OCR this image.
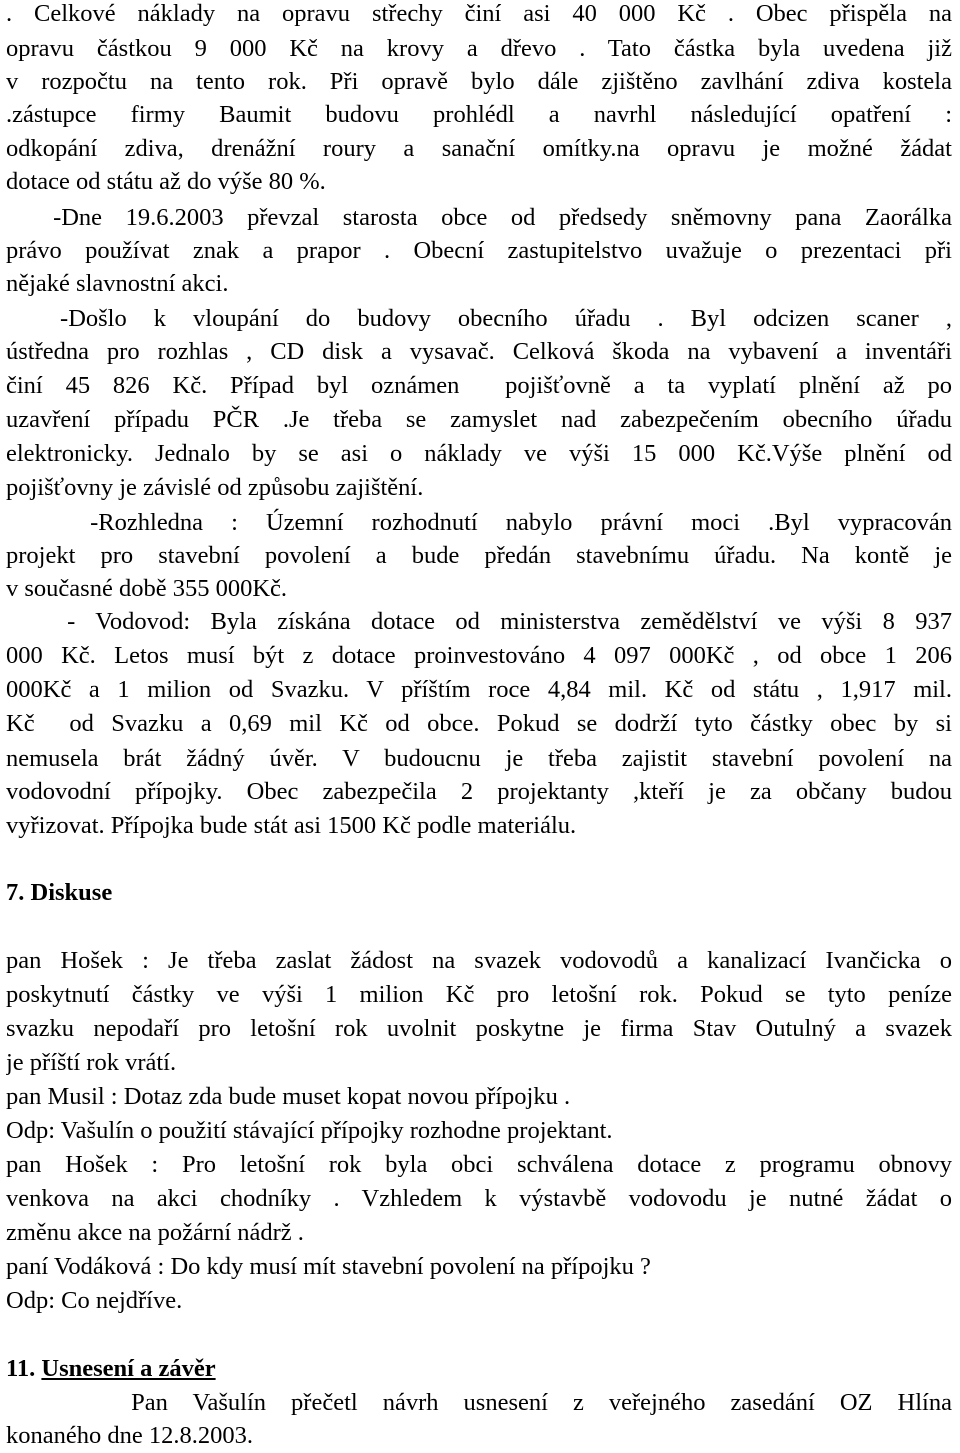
. Celkové náklady na opravu střechy činí asi 40 000 Kč . Obec přispěla na
opravu částkou 9 000 Kč na krovy a dřevo . Tato částka byla uvedena již
v rozpočtu na tento rok. Při opravě bylo dále zjištěno zavlhání zdiva kostela
.zástupce firmy Baumit budovu prohlédl a navrhl následující opatření :
odkopání zdiva, drenážní roury a sanační omítky.na opravu je možné žádat
dotace od státu až do výše 80 %.
-Dne 19.6.2003 převzal starosta obce od předsedy sněmovny pana Zaorálka
právo používat znak a prapor . Obecní zastupitelstvo uvažuje o prezentaci při
nějaké slavnostní akci.
-Došlo k vloupání do budovy obecního úřadu . Byl odcizen scaner ,
ústředna pro rozhlas , CD disk a vysavač. Celková škoda na vybavení a inventáři
činí 45 826 Kč. Případ byl oznámen  pojišťovně a ta vyplatí plnění až po
uzavření případu PČR .Je třeba se zamyslet nad zabezpečením obecního úřadu
elektronicky. Jednalo by se asi o náklady ve výši 15 000 Kč.Výše plnění od
pojišťovny je závislé od způsobu zajištění.
-Rozhledna : Územní rozhodnutí nabylo právní moci .Byl vypracován
projekt pro stavební povolení a bude předán stavebnímu úřadu. Na kontě je
v současné době 355 000Kč.
- Vodovod: Byla získána dotace od ministerstva zemědělství ve výši 8 937
000 Kč. Letos musí být z dotace proinvestováno 4 097 000Kč , od obce 1 206
000Kč a 1 milion od Svazku. V příštím roce 4,84 mil. Kč od státu , 1,917 mil.
Kč  od Svazku a 0,69 mil Kč od obce. Pokud se dodrží tyto částky obec by si
nemusela brát žádný úvěr. V budoucnu je třeba zajistit stavební povolení na
vodovodní přípojky. Obec zabezpečila 2 projektanty ,kteří je za občany budou
vyřizovat. Přípojka bude stát asi 1500 Kč podle materiálu.
7. Diskuse
pan Hošek : Je třeba zaslat žádost na svazek vodovodů a kanalizací Ivančicka o
poskytnutí částky ve výši 1 milion Kč pro letošní rok. Pokud se tyto peníze
svazku nepodaří pro letošní rok uvolnit poskytne je firma Stav Outulný a svazek
je příští rok vrátí.
pan Musil : Dotaz zda bude muset kopat novou přípojku .
Odp: Vašulín o použití stávající přípojky rozhodne projektant.
pan Hošek : Pro letošní rok byla obci schválena dotace z programu obnovy
venkova na akci chodníky . Vzhledem k výstavbě vodovodu je nutné žádat o
změnu akce na požární nádrž .
paní Vodáková : Do kdy musí mít stavební povolení na přípojku ?
Odp: Co nejdříve.
11. Usnesení a závěr
Pan Vašulín přečetl návrh usnesení z veřejného zasedání OZ Hlína
konaného dne 12.8.2003.
